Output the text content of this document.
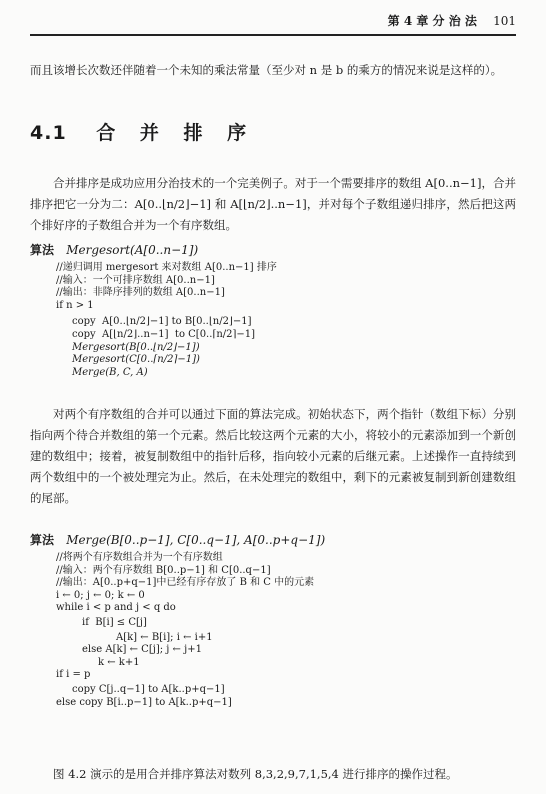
第 4 章 分 治 法 101
而且该增长次数还伴随着一个未知的乘法常量（至少对 n 是 b 的乘方的情况来说是这样的）。
4.1 合 并 排 序
合并排序是成功应用分治技术的一个完美例子。对于一个需要排序的数组 A[0..n−1]，合并排序把它一分为二：A[0..⌊n/2⌋−1] 和 A[⌊n/2⌋..n−1]，并对每个子数组递归排序，然后把这两个排好序的子数组合并为一个有序数组。
算法 Mergesort(A[0..n−1])
//递归调用 mergesort 来对数组 A[0..n−1] 排序
//输入：一个可排序数组 A[0..n−1]
//输出：非降序排列的数组 A[0..n−1]
if n > 1
copy  A[0..⌊n/2⌋−1] to B[0..⌊n/2⌋−1]
copy  A[⌊n/2⌋..n−1]  to C[0..⌈n/2⌉−1]
Mergesort(B[0..⌊n/2⌋−1])
Mergesort(C[0..⌈n/2⌉−1])
Merge(B, C, A)
对两个有序数组的合并可以通过下面的算法完成。初始状态下，两个指针（数组下标）分别指向两个待合并数组的第一个元素。然后比较这两个元素的大小，将较小的元素添加到一个新创建的数组中；接着，被复制数组中的指针后移，指向较小元素的后继元素。上述操作一直持续到两个数组中的一个被处理完为止。然后，在未处理完的数组中，剩下的元素被复制到新创建数组的尾部。
算法 Merge(B[0..p−1], C[0..q−1], A[0..p+q−1])
//将两个有序数组合并为一个有序数组
//输入：两个有序数组 B[0..p−1] 和 C[0..q−1]
//输出：A[0..p+q−1]中已经有序存放了 B 和 C 中的元素
i ← 0; j ← 0; k ← 0
while i < p and j < q do
if  B[i] ≤ C[j]
A[k] ← B[i]; i ← i+1
else A[k] ← C[j]; j ← j+1
k ← k+1
if i = p
copy C[j..q−1] to A[k..p+q−1]
else copy B[i..p−1] to A[k..p+q−1]
图 4.2 演示的是用合并排序算法对数列 8,3,2,9,7,1,5,4 进行排序的操作过程。
